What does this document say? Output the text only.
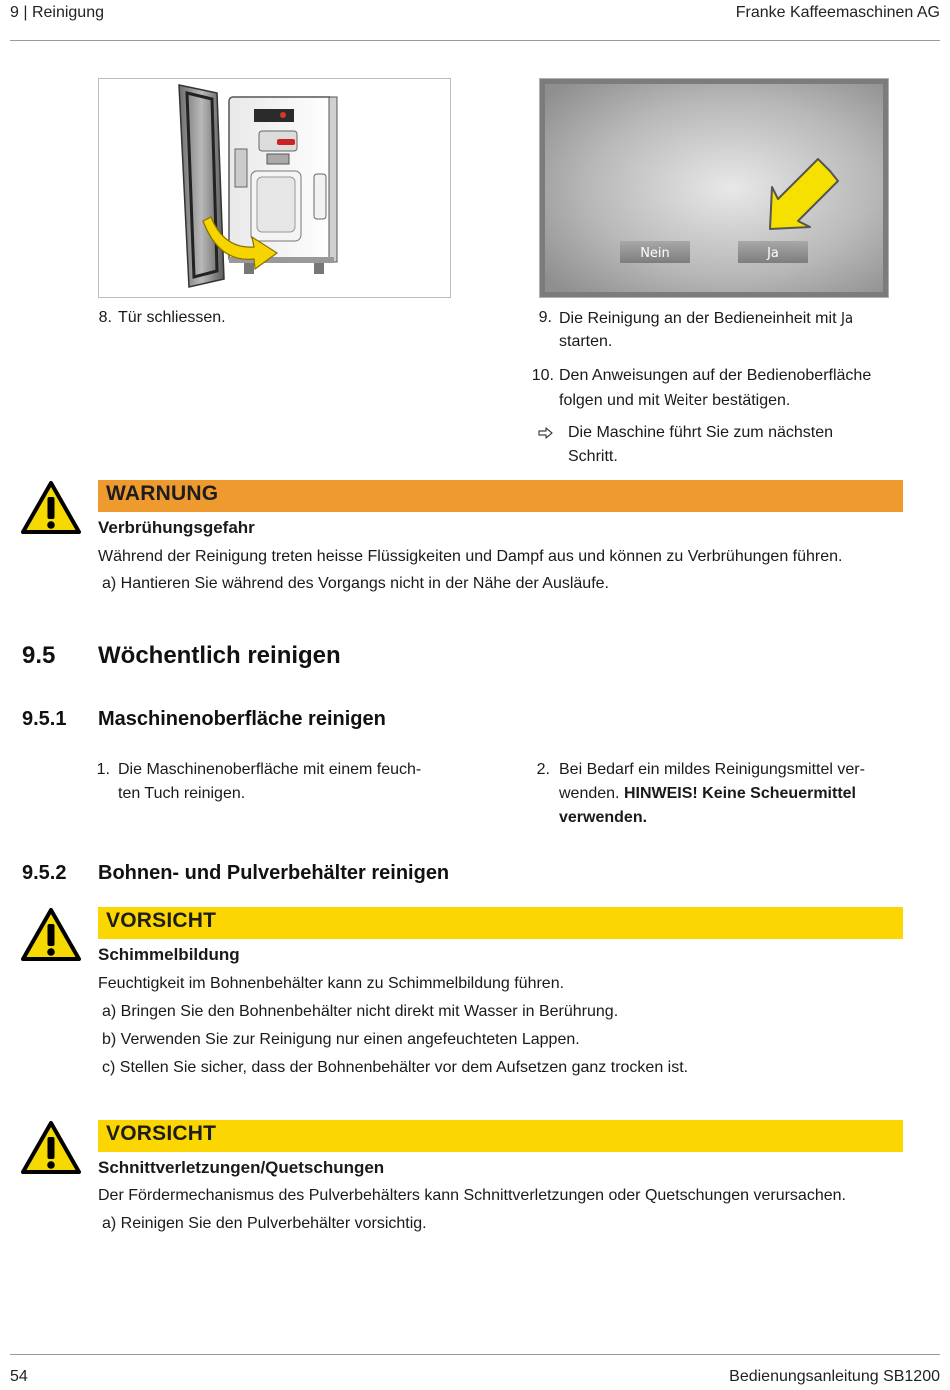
9 | Reinigung	Franke Kaffeemaschinen AG
Nein	Ja
8. Tür schliessen.	9. Die Reinigung an der Bedieneinheit mit Ja
starten.
10. Den Anweisungen auf der Bedienoberfläche
folgen und mit Weiter bestätigen.
Die Maschine führt Sie zum nächsten
Schritt.
WARNUNG
Verbrühungsgefahr
Während der Reinigung treten heisse Flüssigkeiten und Dampf aus und können zu Verbrühungen führen.
a) Hantieren Sie während des Vorgangs nicht in der Nähe der Ausläufe.
9.5 Wöchentlich reinigen
9.5.1 Maschinenoberfläche reinigen
1. Die Maschinenoberfläche mit einem feuch-
ten Tuch reinigen.
2. Bei Bedarf ein mildes Reinigungsmittel ver-
wenden. HINWEIS! Keine Scheuermittel
verwenden.
9.5.2 Bohnen- und Pulverbehälter reinigen
VORSICHT
Schimmelbildung
Feuchtigkeit im Bohnenbehälter kann zu Schimmelbildung führen.
a) Bringen Sie den Bohnenbehälter nicht direkt mit Wasser in Berührung.
b) Verwenden Sie zur Reinigung nur einen angefeuchteten Lappen.
c) Stellen Sie sicher, dass der Bohnenbehälter vor dem Aufsetzen ganz trocken ist.
VORSICHT
Schnittverletzungen/Quetschungen
Der Fördermechanismus des Pulverbehälters kann Schnittverletzungen oder Quetschungen verursachen.
a) Reinigen Sie den Pulverbehälter vorsichtig.
54	Bedienungsanleitung SB1200
